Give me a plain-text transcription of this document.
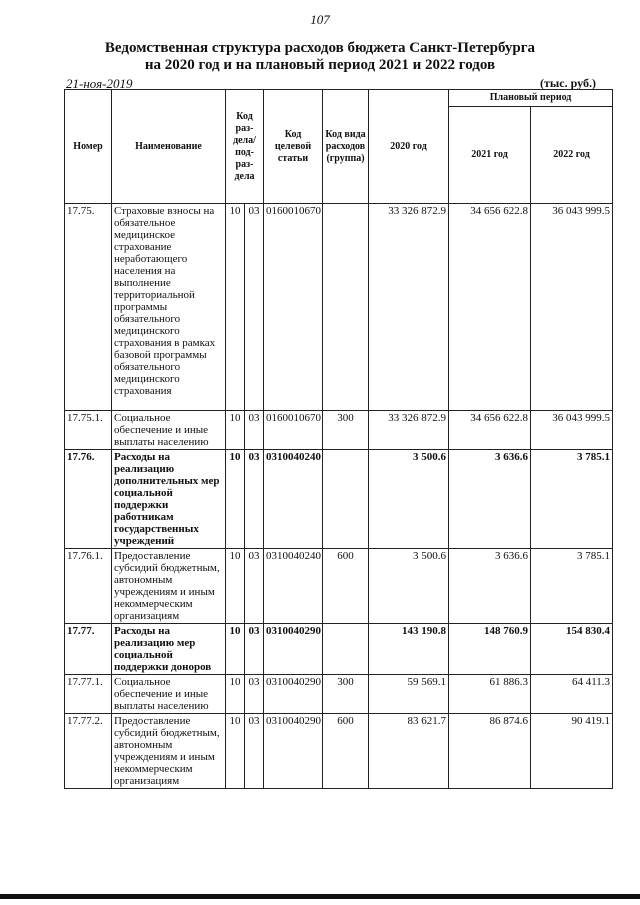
107
Ведомственная структура расходов бюджета Санкт-Петербурга
на 2020 год и на плановый период 2021 и 2022 годов
21-ноя-2019	(тыс. руб.)
Номер	Наименование	Код раз- дела/ под- раз- дела		Код целевой статьи	Код вида расходов (группа)	2020 год	Плановый период	
							2021 год	2022 год
17.75.	Страховые взносы на обязательное медицинское страхование неработающего населения на выполнение территориальной программы обязательного медицинского страхования в рамках базовой программы обязательного медицинского страхования	10	03	0160010670		33 326 872.9	34 656 622.8	36 043 999.5
17.75.1.	Социальное обеспечение и иные выплаты населению	10	03	0160010670	300	33 326 872.9	34 656 622.8	36 043 999.5
17.76.	Расходы на реализацию дополнительных мер социальной поддержки работникам государственных учреждений	10	03	0310040240		3 500.6	3 636.6	3 785.1
17.76.1.	Предоставление субсидий бюджетным, автономным учреждениям и иным некоммерческим организациям	10	03	0310040240	600	3 500.6	3 636.6	3 785.1
17.77.	Расходы на реализацию мер социальной поддержки доноров	10	03	0310040290		143 190.8	148 760.9	154 830.4
17.77.1.	Социальное обеспечение и иные выплаты населению	10	03	0310040290	300	59 569.1	61 886.3	64 411.3
17.77.2.	Предоставление субсидий бюджетным, автономным учреждениям и иным некоммерческим организациям	10	03	0310040290	600	83 621.7	86 874.6	90 419.1
